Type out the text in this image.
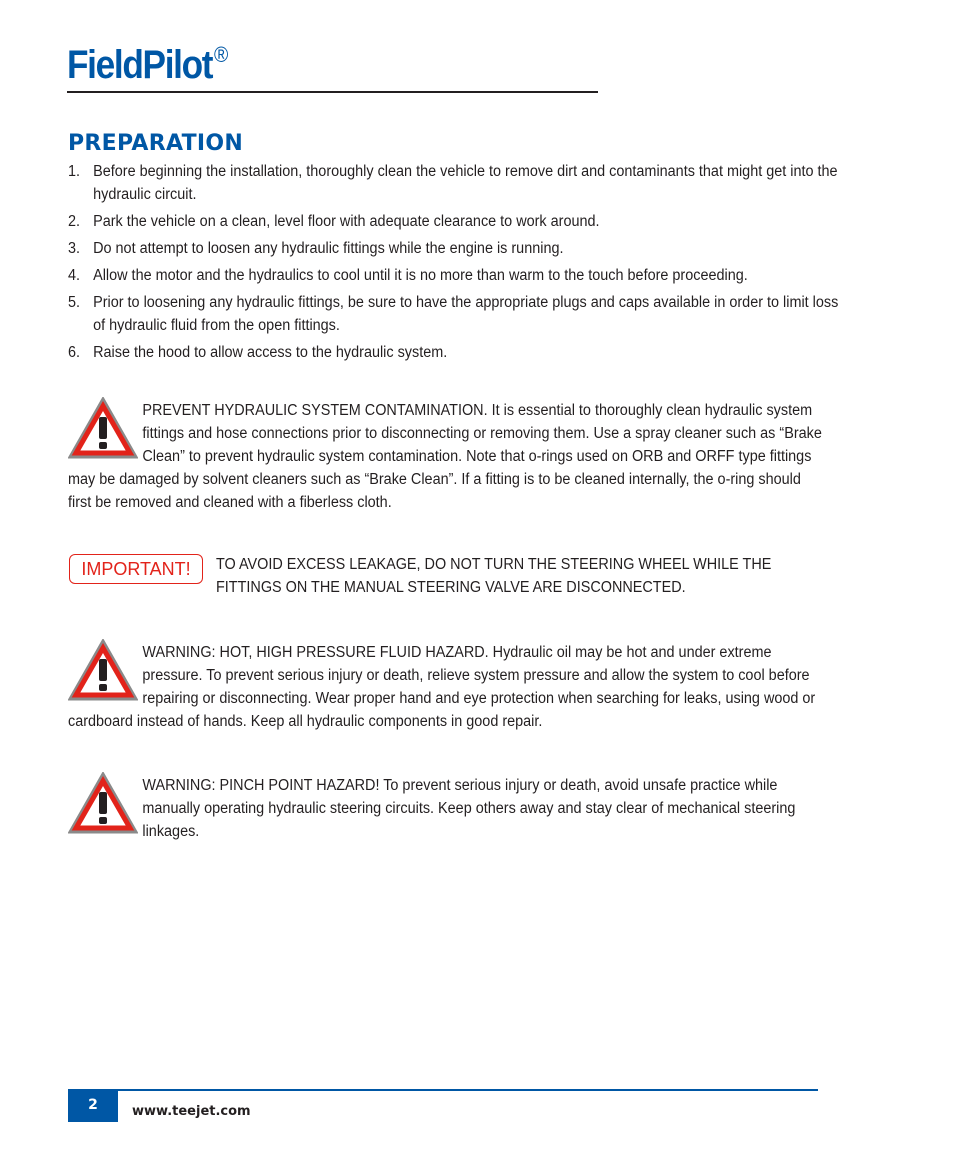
FieldPilot®
PREPARATION
1. Before beginning the installation, thoroughly clean the vehicle to remove dirt and contaminants that might get into the hydraulic circuit.
2. Park the vehicle on a clean, level floor with adequate clearance to work around.
3. Do not attempt to loosen any hydraulic fittings while the engine is running.
4. Allow the motor and the hydraulics to cool until it is no more than warm to the touch before proceeding.
5. Prior to loosening any hydraulic fittings, be sure to have the appropriate plugs and caps available in order to limit loss of hydraulic fluid from the open fittings.
6. Raise the hood to allow access to the hydraulic system.

PREVENT HYDRAULIC SYSTEM CONTAMINATION. It is essential to thoroughly clean hydraulic system fittings and hose connections prior to disconnecting or removing them. Use a spray cleaner such as “Brake Clean” to prevent hydraulic system contamination. Note that o-rings used on ORB and ORFF type fittings may be damaged by solvent cleaners such as “Brake Clean”. If a fitting is to be cleaned internally, the o-ring should first be removed and cleaned with a fiberless cloth.

IMPORTANT!	TO AVOID EXCESS LEAKAGE, DO NOT TURN THE STEERING WHEEL WHILE THE FITTINGS ON THE MANUAL STEERING VALVE ARE DISCONNECTED.

WARNING: HOT, HIGH PRESSURE FLUID HAZARD. Hydraulic oil may be hot and under extreme pressure. To prevent serious injury or death, relieve system pressure and allow the system to cool before repairing or disconnecting. Wear proper hand and eye protection when searching for leaks, using wood or cardboard instead of hands. Keep all hydraulic components in good repair.

WARNING: PINCH POINT HAZARD! To prevent serious injury or death, avoid unsafe practice while manually operating hydraulic steering circuits. Keep others away and stay clear of mechanical steering linkages.

2	www.teejet.com
